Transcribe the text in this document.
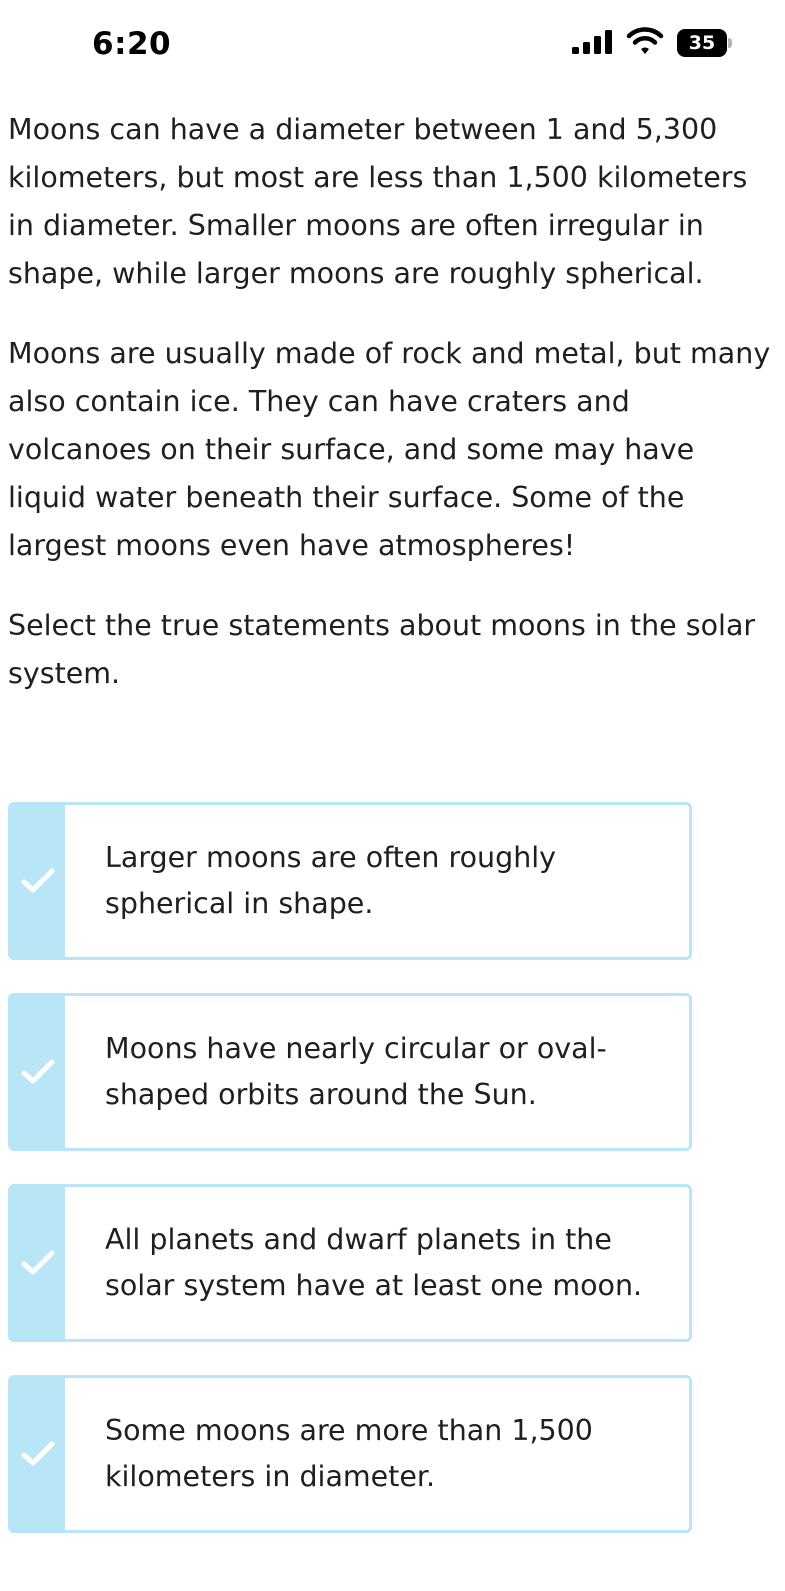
6:20	35

Moons can have a diameter between 1 and 5,300 kilometers, but most are less than 1,500 kilometers in diameter. Smaller moons are often irregular in shape, while larger moons are roughly spherical.

Moons are usually made of rock and metal, but many also contain ice. They can have craters and volcanoes on their surface, and some may have liquid water beneath their surface. Some of the largest moons even have atmospheres!

Select the true statements about moons in the solar system.

Larger moons are often roughly spherical in shape.
Moons have nearly circular or oval-shaped orbits around the Sun.
All planets and dwarf planets in the solar system have at least one moon.
Some moons are more than 1,500 kilometers in diameter.
